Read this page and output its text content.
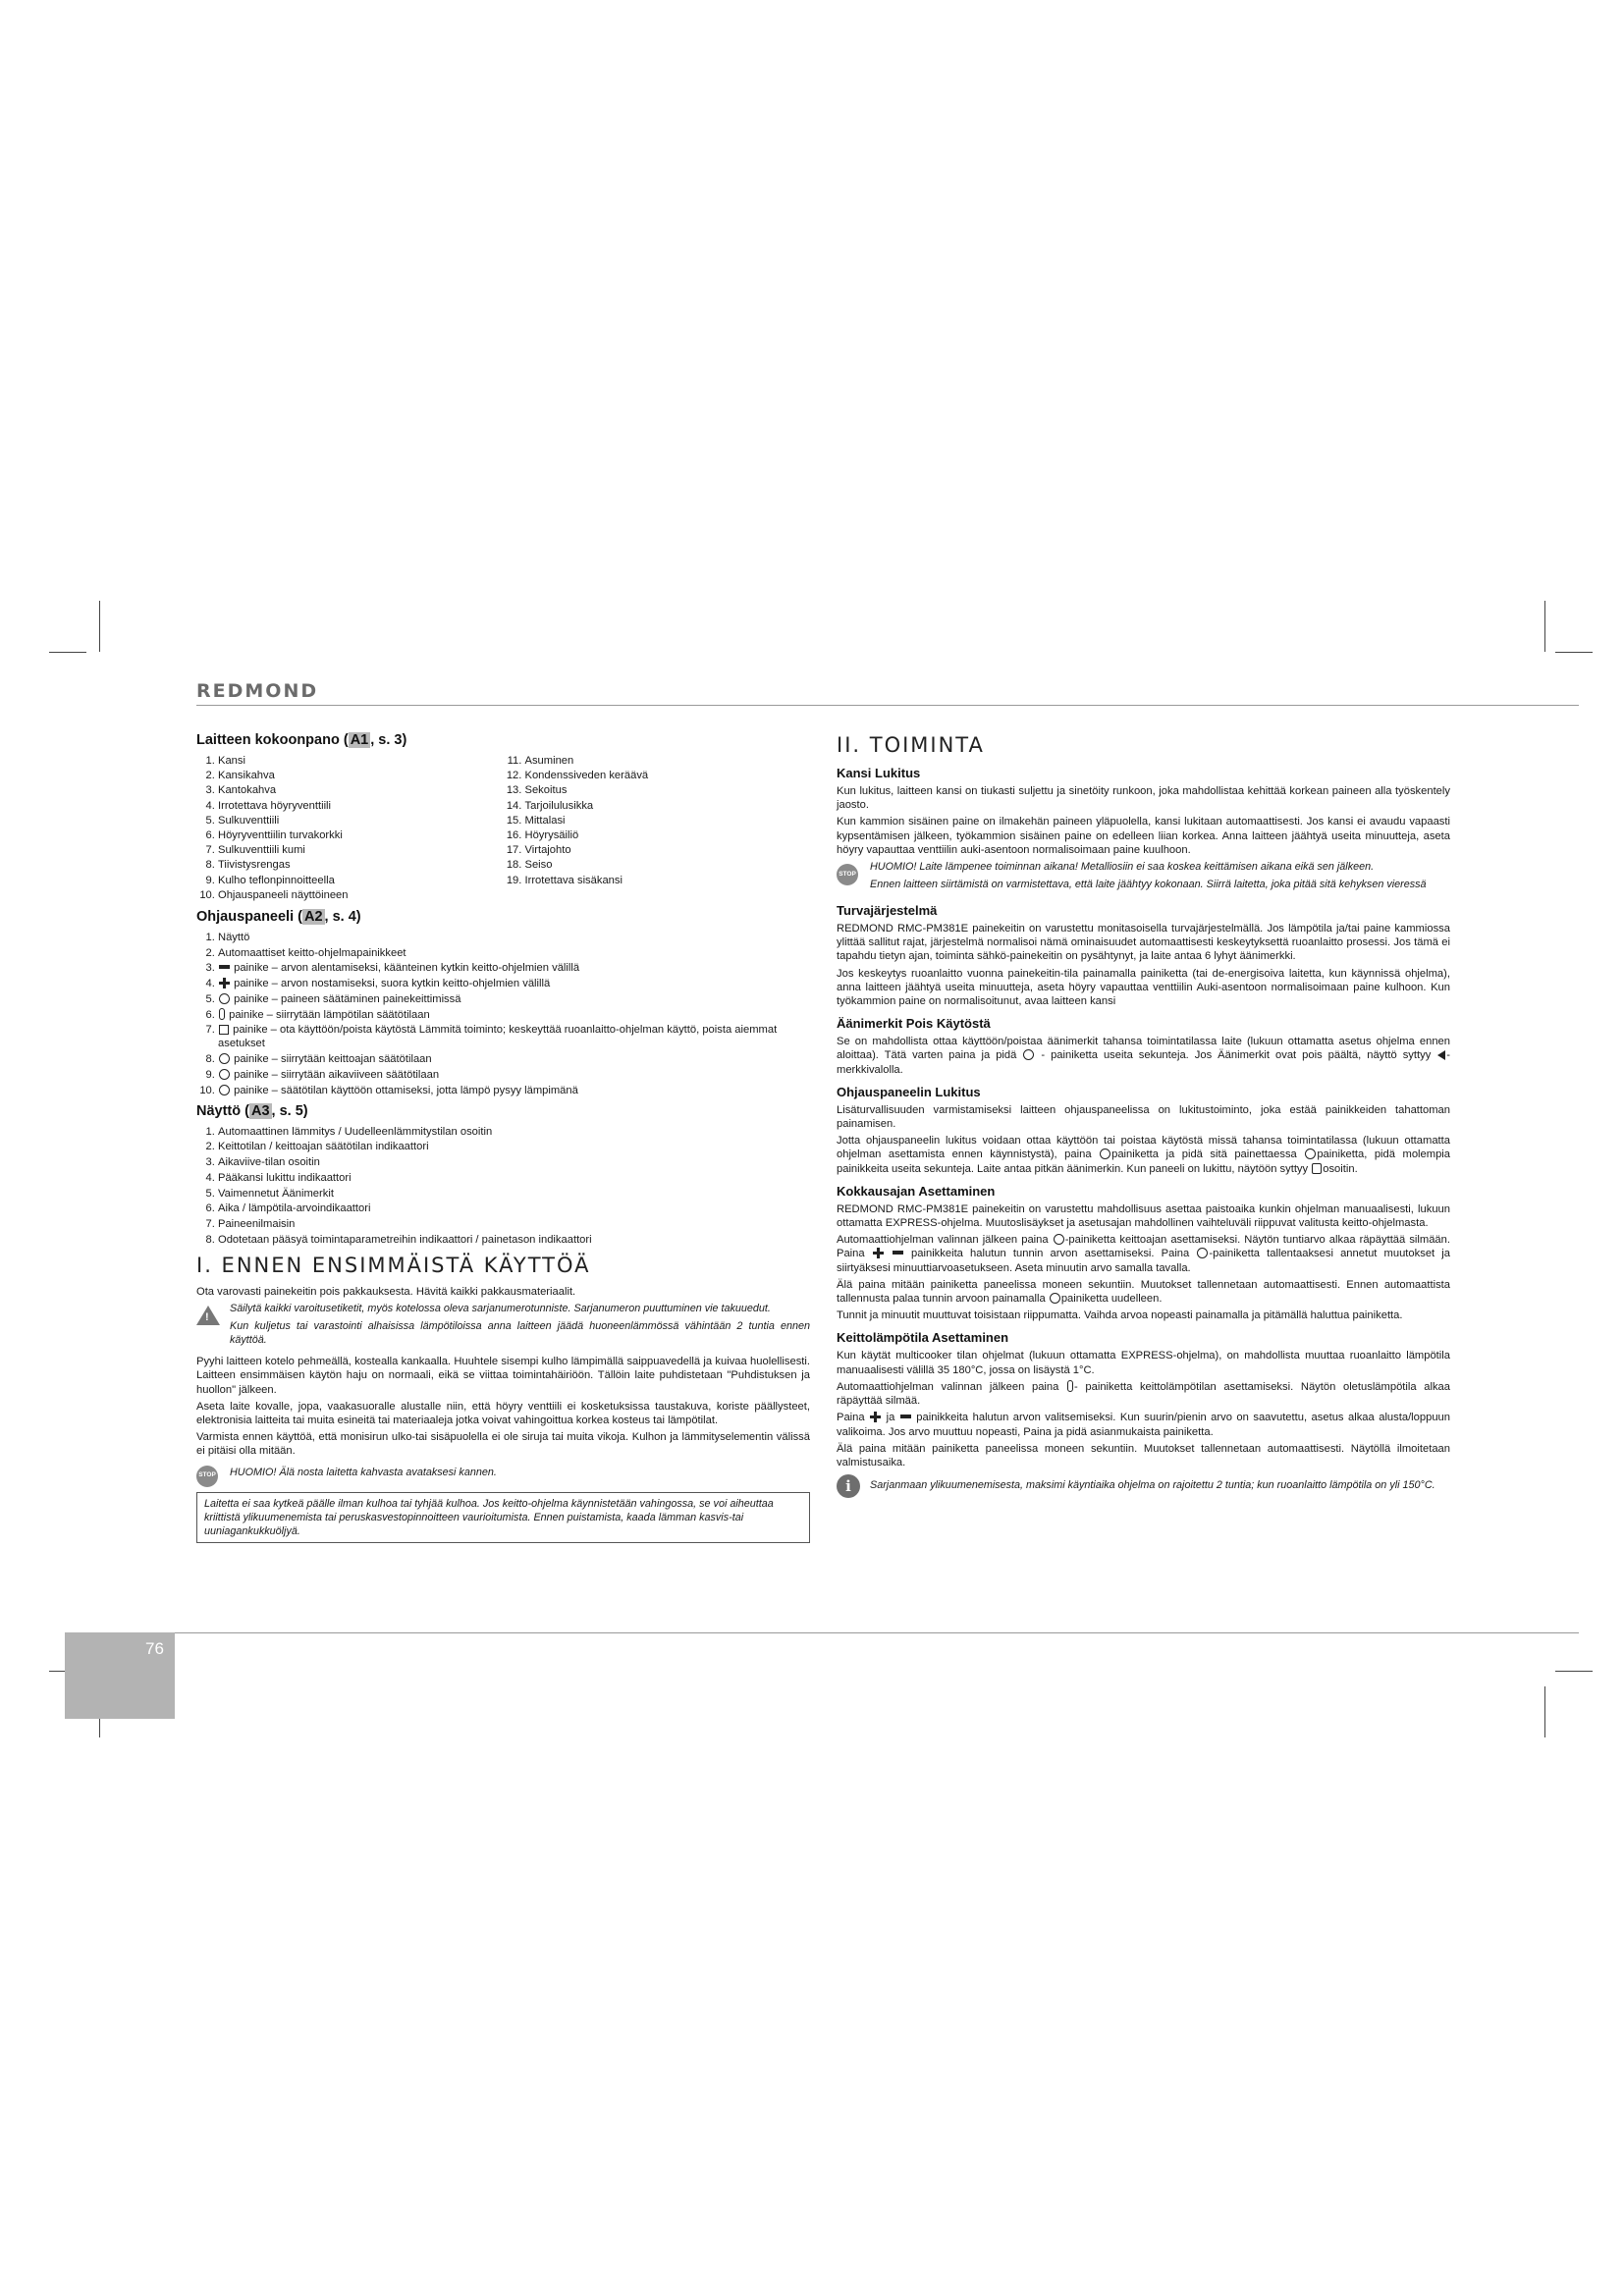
REDMOND
Laitteen kokoonpano ( A1 , s. 3)
1. Kansi
2. Kansikahva
3. Kantokahva
4. Irrotettava höyryventtiili
5. Sulkuventtiili
6. Höyryventtiilin turvakorkki
7. Sulkuventtiili kumi
8. Tiivistysrengas
9. Kulho teflonpinnoitteella
10. Ohjauspaneeli näyttöineen
11. Asuminen
12. Kondenssiveden keräävä
13. Sekoitus
14. Tarjoilulusikka
15. Mittalasi
16. Höyrysäiliö
17. Virtajohto
18. Seiso
19. Irrotettava sisäkansi
Ohjauspaneeli ( A2 , s. 4)
1. Näyttö
2. Automaattiset keitto-ohjelmapainikkeet
3. painike – arvon alentamiseksi, käänteinen kytkin keitto-ohjelmien välillä
4. painike – arvon nostamiseksi, suora kytkin keitto-ohjelmien välillä
5. painike – paineen säätäminen painekeittimissä
6. painike – siirrytään lämpötilan säätötilaan
7. painike – ota käyttöön/poista käytöstä Lämmitä toiminto; keskeyttää ruoanlaitto-ohjelman käyttö, poista aiemmat asetukset
8. painike – siirrytään keittoajan säätötilaan
9. painike – siirrytään aikaviiveen säätötilaan
10. painike – säätötilan käyttöön ottamiseksi, jotta lämpö pysyy lämpimänä
Näyttö ( A3 , s. 5)
1. Automaattinen lämmitys / Uudelleenlämmitystilan osoitin
2. Keittotilan / keittoajan säätötilan indikaattori
3. Aikaviive-tilan osoitin
4. Pääkansi lukittu indikaattori
5. Vaimennetut Äänimerkit
6. Aika / lämpötila-arvoindikaattori
7. Paineenilmaisin
8. Odotetaan pääsyä toimintaparametreihin indikaattori / painetason indikaattori
I. ENNEN ENSIMMÄISTÄ KÄYTTÖÄ

Ota varovasti painekeitin pois pakkauksesta. Hävitä kaikki pakkausmateriaalit.

!

Säilytä kaikki varoitusetiketit, myös kotelossa oleva sarjanumerotunniste. Sarjanumeron puuttuminen vie takuuedut.

Kun kuljetus tai varastointi alhaisissa lämpötiloissa anna laitteen jäädä huoneenlämmössä vähintään 2 tuntia ennen käyttöä.

Pyyhi laitteen kotelo pehmeällä, kostealla kankaalla. Huuhtele sisempi kulho lämpimällä saippuavedellä ja kuivaa huolellisesti. Laitteen ensimmäisen käytön haju on normaali, eikä se viittaa toimintahäiriöön. Tällöin laite puhdistetaan "Puhdistuksen ja huollon" jälkeen.

Aseta laite kovalle, jopa, vaakasuoralle alustalle niin, että höyry venttiili ei kosketuksissa taustakuva, koriste päällysteet, elektronisia laitteita tai muita esineitä tai materiaaleja jotka voivat vahingoittua korkea kosteus tai lämpötilat.

Varmista ennen käyttöä, että monisirun ulko-tai sisäpuolella ei ole siruja tai muita vikoja. Kulhon ja lämmityselementin välissä ei pitäisi olla mitään.

STOP HUOMIO! Älä nosta laitetta kahvasta avataksesi kannen.

Laitetta ei saa kytkeä päälle ilman kulhoa tai tyhjää kulhoa. Jos keitto-ohjelma käynnistetään vahingossa, se voi aiheuttaa kriittistä ylikuumenemista tai peruskasvestopinnoitteen vaurioitumista. Ennen puistamista, kaada lämman kasvis-tai uuniagankukkuöljyä.
II. TOIMINTA
Kansi Lukitus

Kun lukitus, laitteen kansi on tiukasti suljettu ja sinetöity runkoon, joka mahdollistaa kehittää korkean paineen alla työskentely jaosto.

Kun kammion sisäinen paine on ilmakehän paineen yläpuolella, kansi lukitaan automaattisesti. Jos kansi ei avaudu vapaasti kypsentämisen jälkeen, työkammion sisäinen paine on edelleen liian korkea. Anna laitteen jäähtyä useita minuutteja, aseta höyry vapauttaa venttiilin auki-asentoon normalisoimaan paine kuulhoon.

STOP

HUOMIO! Laite lämpenee toiminnan aikana! Metalliosiin ei saa koskea keittämisen aikana eikä sen jälkeen.

Ennen laitteen siirtämistä on varmistettava, että laite jäähtyy kokonaan. Siirrä laitetta, joka pitää sitä kehyksen vieressä

Turvajärjestelmä

REDMOND RMC-PM381E painekeitin on varustettu monitasoisella turvajärjestelmällä. Jos lämpötila ja/tai paine kammiossa ylittää sallitut rajat, järjestelmä normalisoi nämä ominaisuudet automaattisesti keskeytyksettä ruoanlaitto prosessi. Jos tämä ei tapahdu tietyn ajan, toiminta sähkö-painekeitin on pysähtynyt, ja laite antaa 6 lyhyt äänimerkki.

Jos keskeytys ruoanlaitto vuonna painekeitin-tila painamalla painiketta (tai de-energisoiva laitetta, kun käynnissä ohjelma), anna laitteen jäähtyä useita minuutteja, aseta höyry vapauttaa venttiilin Auki-asentoon normalisoimaan paine kulhoon. Kun työkammion paine on normalisoitunut, avaa laitteen kansi

Äänimerkit Pois Käytöstä

Se on mahdollista ottaa käyttöön/poistaa äänimerkit tahansa toimintatilassa laite (lukuun ottamatta asetus ohjelma ennen aloittaa). Tätä varten paina ja pidä - painiketta useita sekunteja. Jos Äänimerkit ovat pois päältä, näyttö syttyy -merkkivalolla.

Ohjauspaneelin Lukitus

Lisäturvallisuuden varmistamiseksi laitteen ohjauspaneelissa on lukitustoiminto, joka estää painikkeiden tahattoman painamisen.

Jotta ohjauspaneelin lukitus voidaan ottaa käyttöön tai poistaa käytöstä missä tahansa toimintatilassa (lukuun ottamatta ohjelman asettamista ennen käynnistystä), paina painiketta ja pidä sitä painettaessa painiketta, pidä molempia painikkeita useita sekunteja. Laite antaa pitkän äänimerkin. Kun paneeli on lukittu, näytöön syttyy osoitin.

Kokkausajan Asettaminen

REDMOND RMC-PM381E painekeitin on varustettu mahdollisuus asettaa paistoaika kunkin ohjelman manuaalisesti, lukuun ottamatta EXPRESS-ohjelma. Muutoslisäykset ja asetusajan mahdollinen vaihteluväli riippuvat valitusta keitto-ohjelmasta.

Automaattiohjelman valinnan jälkeen paina -painiketta keittoajan asettamiseksi. Näytön tuntiarvo alkaa räpäyttää silmään. Paina	painikkeita halutun tunnin arvon asettamiseksi. Paina -painiketta tallentaaksesi annetut muutokset ja siirtyäksesi minuuttiarvoasetukseen. Aseta minuutin arvo samalla tavalla.

Älä paina mitään painiketta paneelissa moneen sekuntiin. Muutokset tallennetaan automaattisesti. Ennen automaattista tallennusta palaa tunnin arvoon painamalla painiketta uudelleen.

Tunnit ja minuutit muuttuvat toisistaan riippumatta. Vaihda arvoa nopeasti painamalla ja pitämällä haluttua painiketta.

Keittolämpötila Asettaminen

Kun käytät multicooker tilan ohjelmat (lukuun ottamatta EXPRESS-ohjelma), on mahdollista muuttaa ruoanlaitto lämpötila manuaalisesti välillä 35 180°C, jossa on lisäystä 1°C.

Automaattiohjelman valinnan jälkeen paina - painiketta keittolämpötilan asettamiseksi. Näytön oletuslämpötila alkaa räpäyttää silmää.

Paina ja painikkeita halutun arvon valitsemiseksi. Kun suurin/pienin arvo on saavutettu, asetus alkaa alusta/loppuun valikoima. Jos arvo muuttuu nopeasti, Paina ja pidä asianmukaista painiketta.

Älä paina mitään painiketta paneelissa moneen sekuntiin. Muutokset tallennetaan automaattisesti. Näytöllä ilmoitetaan valmistusaika.

i	Sarjanmaan ylikuumenemisesta, maksimi käyntiaika ohjelma on rajoitettu 2 tuntia; kun ruoanlaitto lämpötila on yli 150°C.

76
